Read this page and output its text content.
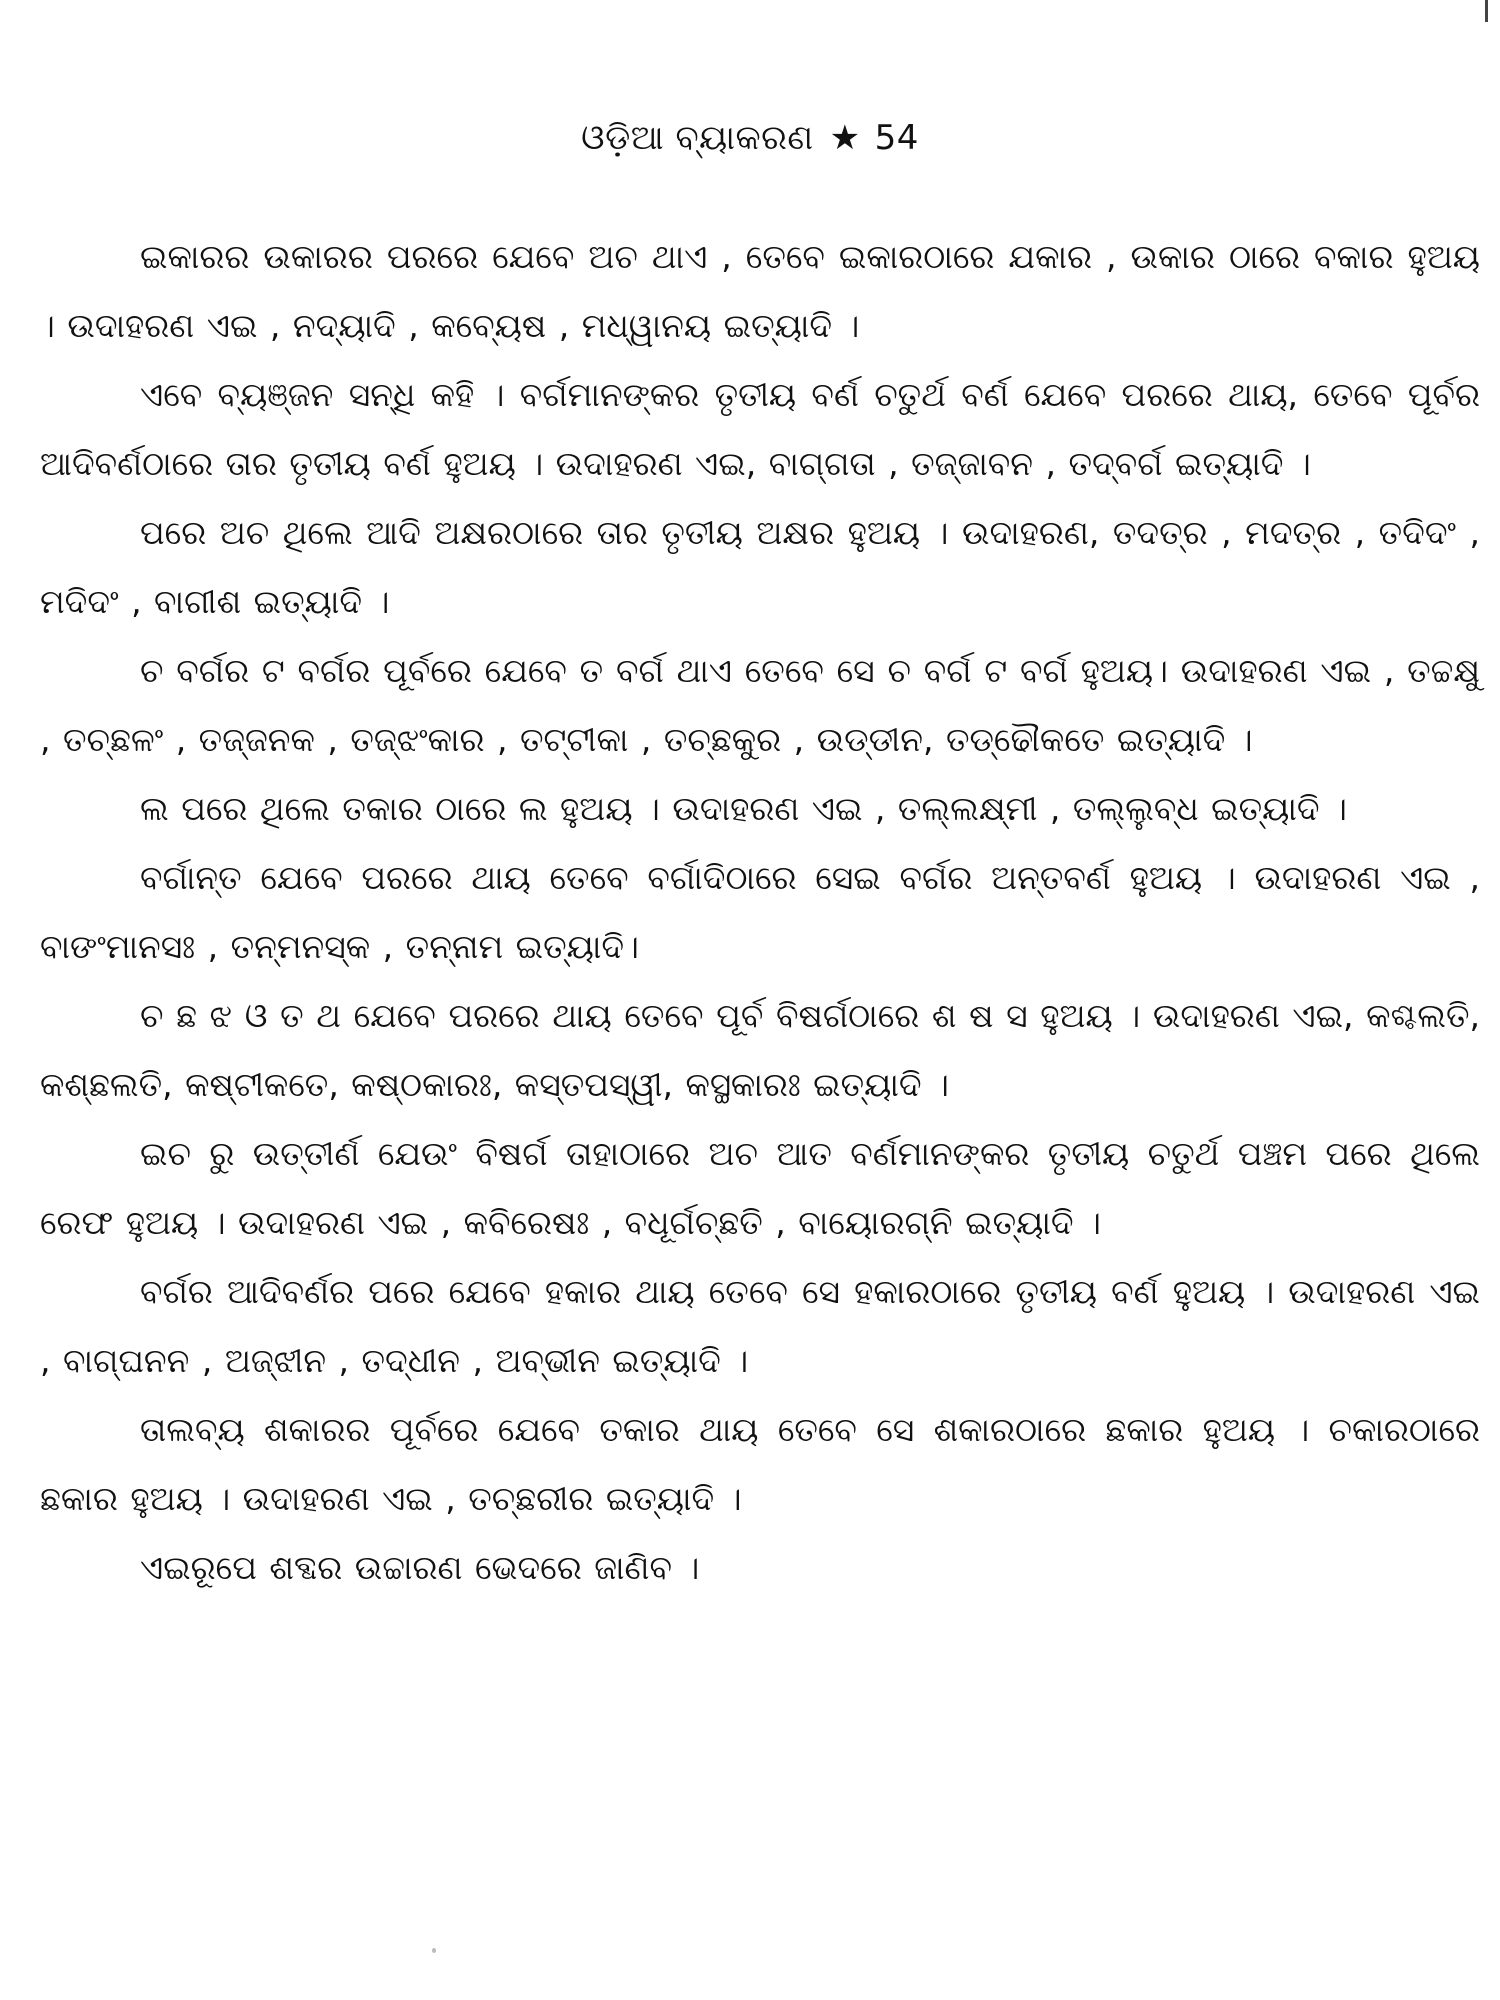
ଓଡ଼ିଆ ବ୍ୟାକରଣ ★ 54

ଇକାରର ଉକାରର ପରରେ ଯେବେ ଅଚ ଥାଏ , ତେବେ ଇକାରଠାରେ ଯକାର , ଉକାର ଠାରେ ବକାର ହୁଅୟ । ଉଦାହରଣ ଏଇ , ନଦ୍ୟାଦି , କବ୍ୟେଷ , ମଧ୍ୱାନୟ ଇତ୍ୟାଦି ।

ଏବେ ବ୍ୟଞ୍ଜନ ସନ୍ଧି କହି । ବର୍ଗମାନଙ୍କର ତୃତୀୟ ବର୍ଣ ଚତୁର୍ଥ ବର୍ଣ ଯେବେ ପରରେ ଥାୟ, ତେବେ ପୂର୍ବର ଆଦିବର୍ଣଠାରେ ତାର ତୃତୀୟ ବର୍ଣ ହୁଅୟ । ଉଦାହରଣ ଏଇ, ବାଗ୍‌ଗତା , ତଜ୍ଜାବନ , ତଦ୍ବର୍ଗ ଇତ୍ୟାଦି ।

ପରେ ଅଚ ଥିଲେ ଆଦି ଅକ୍ଷରଠାରେ ତାର ତୃତୀୟ ଅକ୍ଷର ହୁଅୟ । ଉଦାହରଣ, ତଦତ୍ର , ମଦତ୍ର , ତଦିଦଂ , ମଦିଦଂ , ବାଗୀଶ ଇତ୍ୟାଦି ।

ଚ ବର୍ଗର ଟ ବର୍ଗର ପୂର୍ବରେ ଯେବେ ତ ବର୍ଗ ଥାଏ ତେବେ ସେ ଚ ବର୍ଗ ଟ ବର୍ଗ ହୁଅୟ। ଉଦାହରଣ ଏଇ , ତଚ୍ଚକ୍ଷୁ , ତଚ୍ଛଳଂ , ତଜ୍ଜନକ , ତଜ୍‌ଝଂକାର , ତଟ୍ଟୀକା , ତଚ୍ଛକୁର , ଉଡ୍‌ଡୀନ, ତଡ୍‌ଢୌକତେ ଇତ୍ୟାଦି ।

ଲ ପରେ ଥିଲେ ତକାର ଠାରେ ଲ ହୁଅୟ । ଉଦାହରଣ ଏଇ , ତଲ୍ଲକ୍ଷ୍ମୀ , ତଲ୍ଲୁବ୍‌ଧ ଇତ୍ୟାଦି ।

ବର୍ଗାନ୍ତ ଯେବେ ପରରେ ଥାୟ ତେବେ ବର୍ଗାଦିଠାରେ ସେଇ ବର୍ଗର ଅନ୍ତବର୍ଣ ହୁଅୟ । ଉଦାହରଣ ଏଇ , ବାଙଂମାନସଃ , ତନ୍ମନସ୍କ , ତନ୍ନାମ ଇତ୍ୟାଦି।

ଚ ଛ ଝ ଓ ତ ଥ ଯେବେ ପରରେ ଥାୟ ତେବେ ପୂର୍ବ ବିଷର୍ଗଠାରେ ଶ ଷ ସ ହୁଅୟ । ଉଦାହରଣ ଏଇ, କଶ୍ଚଲତି, କଶ୍ଛଲତି, କଷ୍ଟୀକତେ, କଷ୍ଠକାରଃ, କସ୍ତପସ୍ୱୀ, କସ୍ଥକାରଃ ଇତ୍ୟାଦି ।

ଇଚ ରୁ ଉତ୍ତୀର୍ଣ ଯେଉଂ ବିଷର୍ଗ ତାହାଠାରେ ଅଚ ଆତ ବର୍ଣମାନଙ୍କର ତୃତୀୟ ଚତୁର୍ଥ ପଞ୍ଚମ ପରେ ଥିଲେ ରେଫ ହୁଅୟ । ଉଦାହରଣ ଏଇ , କବିରେଷଃ , ବଧୂର୍ଗଚ୍ଛତି , ବାୟୋରଗ୍ନି ଇତ୍ୟାଦି ।

ବର୍ଗର ଆଦିବର୍ଣର ପରେ ଯେବେ ହକାର ଥାୟ ତେବେ ସେ ହକାରଠାରେ ତୃତୀୟ ବର୍ଣ ହୁଅୟ । ଉଦାହରଣ ଏଇ , ବାଗ୍‌ଘନନ , ଅଜ୍‌ଝୀନ , ତଦ୍‌ଧୀନ , ଅବ୍‌ଭୀନ ଇତ୍ୟାଦି ।

ତାଲବ୍ୟ ଶକାରର ପୂର୍ବରେ ଯେବେ ତକାର ଥାୟ ତେବେ ସେ ଶକାରଠାରେ ଛକାର ହୁଅୟ । ଚକାରଠାରେ ଛକାର ହୁଅୟ । ଉଦାହରଣ ଏଇ , ତଚ୍ଛରୀର ଇତ୍ୟାଦି ।

ଏଇରୂପେ ଶବ୍ଦର ଉଚ୍ଚାରଣ ଭେଦରେ ଜାଣିବ ।
